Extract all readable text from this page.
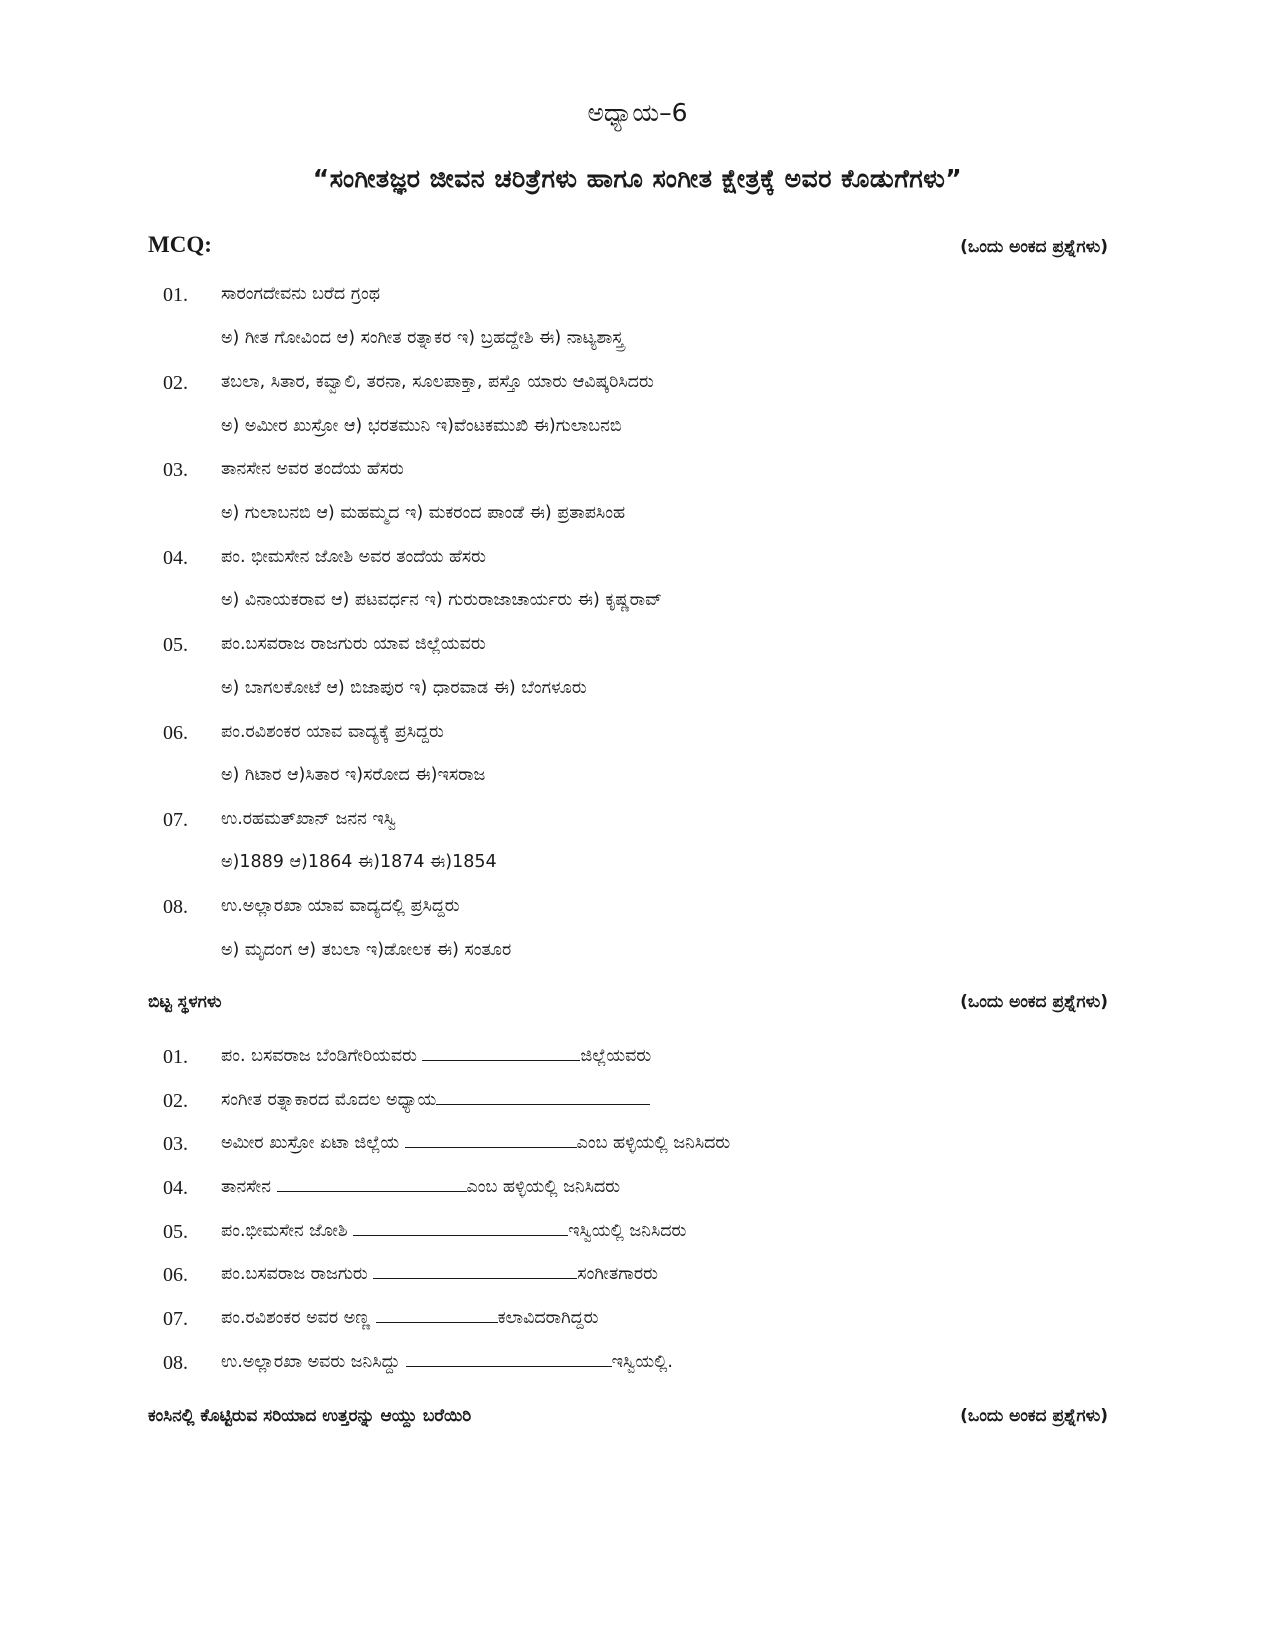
ಅಧ್ಯಾಯ–6
“ಸಂಗೀತಜ್ಞರ ಜೀವನ ಚರಿತ್ರೆಗಳು ಹಾಗೂ ಸಂಗೀತ ಕ್ಷೇತ್ರಕ್ಕೆ ಅವರ ಕೊಡುಗೆಗಳು”
MCQ:	(ಒಂದು ಅಂಕದ ಪ್ರಶ್ನೆಗಳು)
01.	ಸಾರಂಗದೇವನು ಬರೆದ ಗ್ರಂಥ
ಅ) ಗೀತ ಗೋವಿಂದ ಆ) ಸಂಗೀತ ರತ್ನಾಕರ ಇ) ಬ್ರಹದ್ದೇಶಿ ಈ) ನಾಟ್ಯಶಾಸ್ತ್ರ
02.	ತಬಲಾ, ಸಿತಾರ, ಕವ್ವಾಲಿ, ತರನಾ, ಸೂಲಪಾಕ್ತಾ, ಪಸ್ತೊ ಯಾರು ಆವಿಷ್ಕರಿಸಿದರು
ಅ) ಅಮೀರ ಖುಸ್ರೋ ಆ) ಭರತಮುನಿ ಇ)ವೆಂಟಕಮುಖಿ ಈ)ಗುಲಾಬನಬಿ
03.	ತಾನಸೇನ ಅವರ ತಂದೆಯ ಹೆಸರು
ಅ) ಗುಲಾಬನಬಿ ಆ) ಮಹಮ್ಮದ ಇ) ಮಕರಂದ ಪಾಂಡೆ ಈ) ಪ್ರತಾಪಸಿಂಹ
04.	ಪಂ. ಭೀಮಸೇನ ಜೋಶಿ ಅವರ ತಂದೆಯ ಹೆಸರು
ಅ) ವಿನಾಯಕರಾವ ಆ) ಪಟವರ್ಧನ ಇ) ಗುರುರಾಜಾಚಾರ್ಯರು ಈ) ಕೃಷ್ಣರಾವ್
05.	ಪಂ.ಬಸವರಾಜ ರಾಜಗುರು ಯಾವ ಜಿಲ್ಲೆಯವರು
ಅ) ಬಾಗಲಕೋಟೆ ಆ) ಬಿಜಾಪುರ ಇ) ಧಾರವಾಡ ಈ) ಬೆಂಗಳೂರು
06.	ಪಂ.ರವಿಶಂಕರ ಯಾವ ವಾದ್ಯಕ್ಕೆ ಪ್ರಸಿದ್ದರು
ಅ) ಗಿಟಾರ ಆ)ಸಿತಾರ ಇ)ಸರೋದ ಈ)ಇಸರಾಜ
07.	ಉ.ರಹಮತ್‌ಖಾನ್ ಜನನ ಇಸ್ವಿ
ಅ)1889 ಆ)1864 ಈ)1874 ಈ)1854
08.	ಉ.ಅಲ್ಲಾರಖಾ ಯಾವ ವಾದ್ಯದಲ್ಲಿ ಪ್ರಸಿದ್ದರು
ಅ) ಮೃದಂಗ ಆ) ತಬಲಾ ಇ)ಡೋಲಕ ಈ) ಸಂತೂರ
ಬಿಟ್ಟ ಸ್ಥಳಗಳು	(ಒಂದು ಅಂಕದ ಪ್ರಶ್ನೆಗಳು)
01.	ಪಂ. ಬಸವರಾಜ ಬೆಂಡಿಗೇರಿಯವರು	ಜಿಲ್ಲೆಯವರು
02.	ಸಂಗೀತ ರತ್ನಾಕಾರದ ಮೊದಲ ಅಧ್ಯಾಯ
03.	ಅಮೀರ ಖುಸ್ರೋ ಏಟಾ ಜಿಲ್ಲೆಯ	ಎಂಬ ಹಳ್ಳಿಯಲ್ಲಿ ಜನಿಸಿದರು
04.	ತಾನಸೇನ	ಎಂಬ ಹಳ್ಳಿಯಲ್ಲಿ ಜನಿಸಿದರು
05.	ಪಂ.ಭೀಮಸೇನ ಜೋಶಿ	ಇಸ್ವಿಯಲ್ಲಿ ಜನಿಸಿದರು
06.	ಪಂ.ಬಸವರಾಜ ರಾಜಗುರು	ಸಂಗೀತಗಾರರು
07.	ಪಂ.ರವಿಶಂಕರ ಅವರ ಅಣ್ಣ	ಕಲಾವಿದರಾಗಿದ್ದರು
08.	ಉ.ಅಲ್ಲಾರಖಾ ಅವರು ಜನಿಸಿದ್ದು	ಇಸ್ವಿಯಲ್ಲಿ.
ಕಂಸಿನಲ್ಲಿ ಕೊಟ್ಟಿರುವ ಸರಿಯಾದ ಉತ್ತರನ್ನು ಆಯ್ದು ಬರೆಯಿರಿ	(ಒಂದು ಅಂಕದ ಪ್ರಶ್ನೆಗಳು)
